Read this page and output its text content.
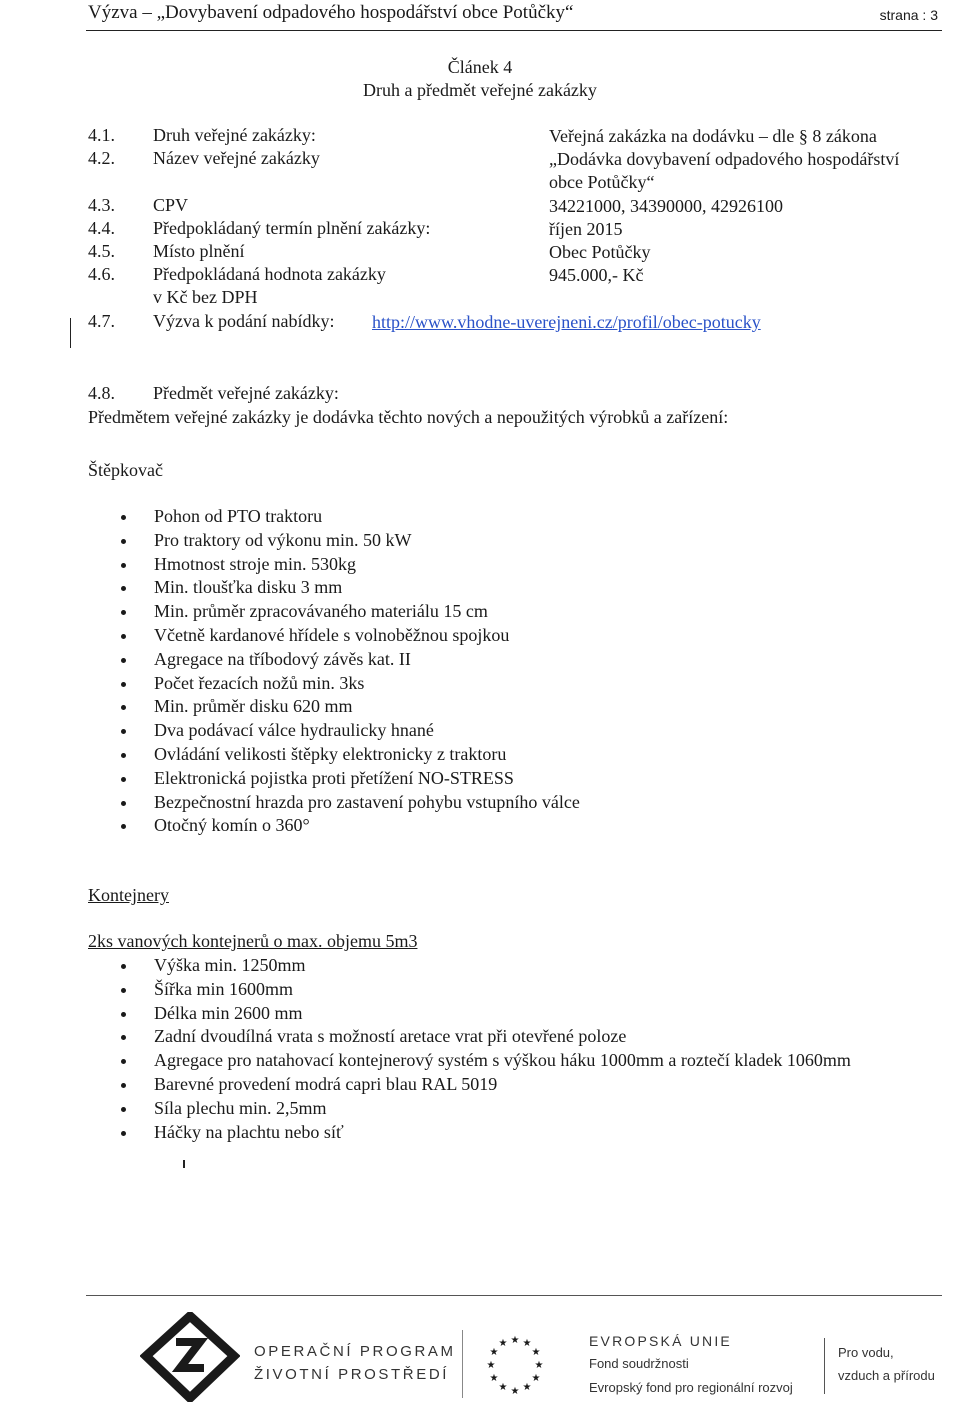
Výzva – „Dovybavení odpadového hospodářství obce Potůčky“	strana : 3
Článek 4
Druh a předmět veřejné zakázky
4.1. Druh veřejné zakázky:	Veřejná zakázka na dodávku – dle § 8 zákona
4.2. Název veřejné zakázky	„Dodávka dovybavení odpadového hospodářství
obce Potůčky“
4.3. CPV	34221000, 34390000, 42926100
4.4. Předpokládaný termín plnění zakázky:	říjen 2015
4.5. Místo plnění	Obec Potůčky
4.6. Předpokládaná hodnota zakázky	945.000,- Kč
v Kč bez DPH
4.7. Výzva k podání nabídky: http://www.vhodne-uverejneni.cz/profil/obec-potucky
4.8. Předmět veřejné zakázky:
Předmětem veřejné zakázky je dodávka těchto nových a nepoužitých výrobků a zařízení:
Štěpkovač
Pohon od PTO traktoru
Pro traktory od výkonu min. 50 kW
Hmotnost stroje min. 530kg
Min. tloušťka disku 3 mm
Min. průměr zpracovávaného materiálu 15 cm
Včetně kardanové hřídele s volnoběžnou spojkou
Agregace na tříbodový závěs kat. II
Počet řezacích nožů min. 3ks
Min. průměr disku 620 mm
Dva podávací válce hydraulicky hnané
Ovládání velikosti štěpky elektronicky z traktoru
Elektronická pojistka proti přetížení NO-STRESS
Bezpečnostní hrazda pro zastavení pohybu vstupního válce
Otočný komín o 360°
Kontejnery
2ks vanových kontejnerů o max. objemu 5m3
Výška min. 1250mm
Šířka min 1600mm
Délka min 2600 mm
Zadní dvoudílná vrata s možností aretace vrat při otevřené poloze
Agregace pro natahovací kontejnerový systém s výškou háku 1000mm a roztečí kladek 1060mm
Barevné provedení modrá capri blau RAL 5019
Síla plechu min. 2,5mm
Háčky na plachtu nebo síť
OPERAČNÍ PROGRAM
ŽIVOTNÍ PROSTŘEDÍ
★ ★
★
★
★
★
★
★
★
★
★
★	EVROPSKÁ UNIE
Fond soudržnosti
Evropský fond pro regionální rozvoj
Pro vodu,
vzduch a přírodu
